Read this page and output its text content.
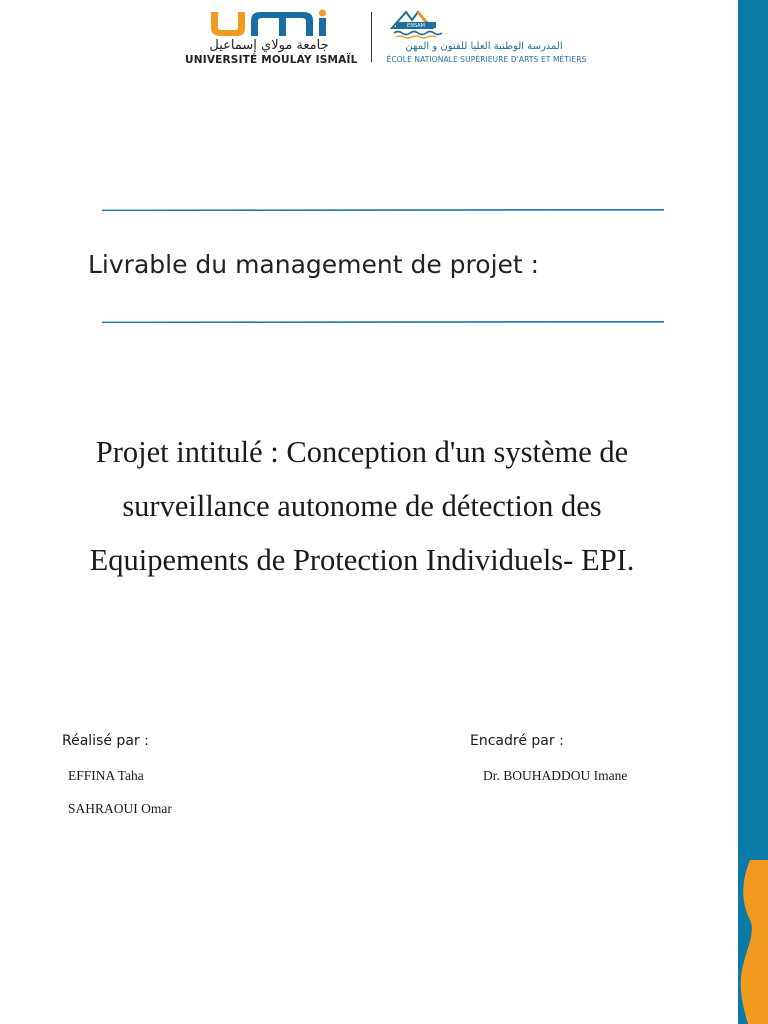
جامعة مولاي إسماعيل
UNIVERSITÉ MOULAY ISMAÏL
ENSAM
المدرسة الوطنية العليا للفنون و المهن
ÉCOLE NATIONALE SUPÉRIEURE D'ARTS ET MÉTIERS
Livrable du management de projet :
Projet intitulé : Conception d'un système de
surveillance autonome de détection des
Equipements de Protection Individuels- EPI.
Réalisé par :	Encadré par :
EFFINA Taha
SAHRAOUI Omar
Dr. BOUHADDOU Imane
